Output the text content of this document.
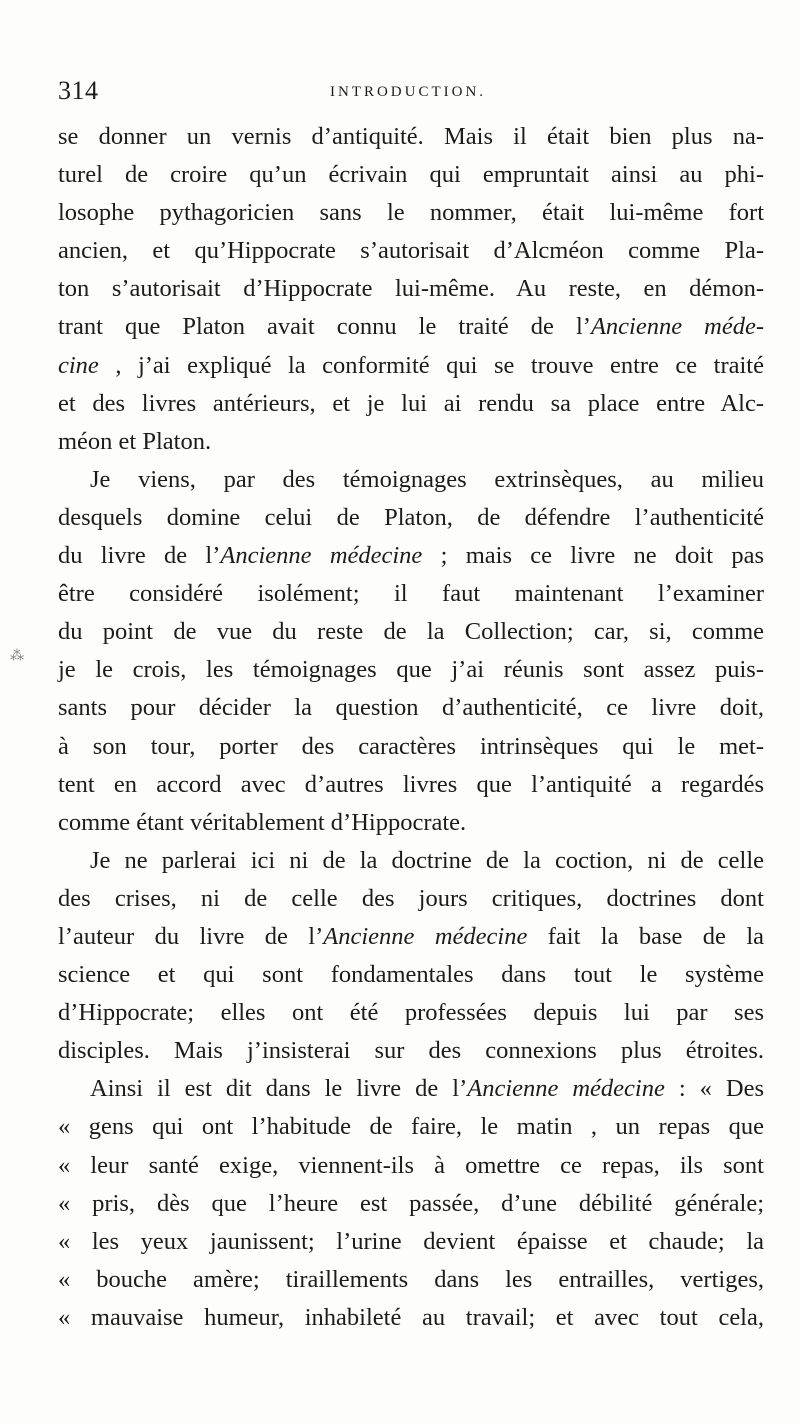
314	INTRODUCTION.
⁂
se donner un vernis d’antiquité. Mais il était bien plus na-
turel de croire qu’un écrivain qui empruntait ainsi au phi-
losophe pythagoricien sans le nommer, était lui-même fort
ancien, et qu’Hippocrate s’autorisait d’Alcméon comme Pla-
ton s’autorisait d’Hippocrate lui-même. Au reste, en démon-
trant que Platon avait connu le traité de l’Ancienne méde-
cine , j’ai expliqué la conformité qui se trouve entre ce traité
et des livres antérieurs, et je lui ai rendu sa place entre Alc-
méon et Platon.
Je viens, par des témoignages extrinsèques, au milieu
desquels domine celui de Platon, de défendre l’authenticité
du livre de l’Ancienne médecine ; mais ce livre ne doit pas
être considéré isolément; il faut maintenant l’examiner
du point de vue du reste de la Collection; car, si, comme
je le crois, les témoignages que j’ai réunis sont assez puis-
sants pour décider la question d’authenticité, ce livre doit,
à son tour, porter des caractères intrinsèques qui le met-
tent en accord avec d’autres livres que l’antiquité a regardés
comme étant véritablement d’Hippocrate.
Je ne parlerai ici ni de la doctrine de la coction, ni de celle
des crises, ni de celle des jours critiques, doctrines dont
l’auteur du livre de l’Ancienne médecine fait la base de la
science et qui sont fondamentales dans tout le système
d’Hippocrate; elles ont été professées depuis lui par ses
disciples. Mais j’insisterai sur des connexions plus étroites.
Ainsi il est dit dans le livre de l’Ancienne médecine : « Des
« gens qui ont l’habitude de faire, le matin , un repas que
« leur santé exige, viennent-ils à omettre ce repas, ils sont
« pris, dès que l’heure est passée, d’une débilité générale;
« les yeux jaunissent; l’urine devient épaisse et chaude; la
« bouche amère; tiraillements dans les entrailles, vertiges,
« mauvaise humeur, inhabileté au travail; et avec tout cela,
